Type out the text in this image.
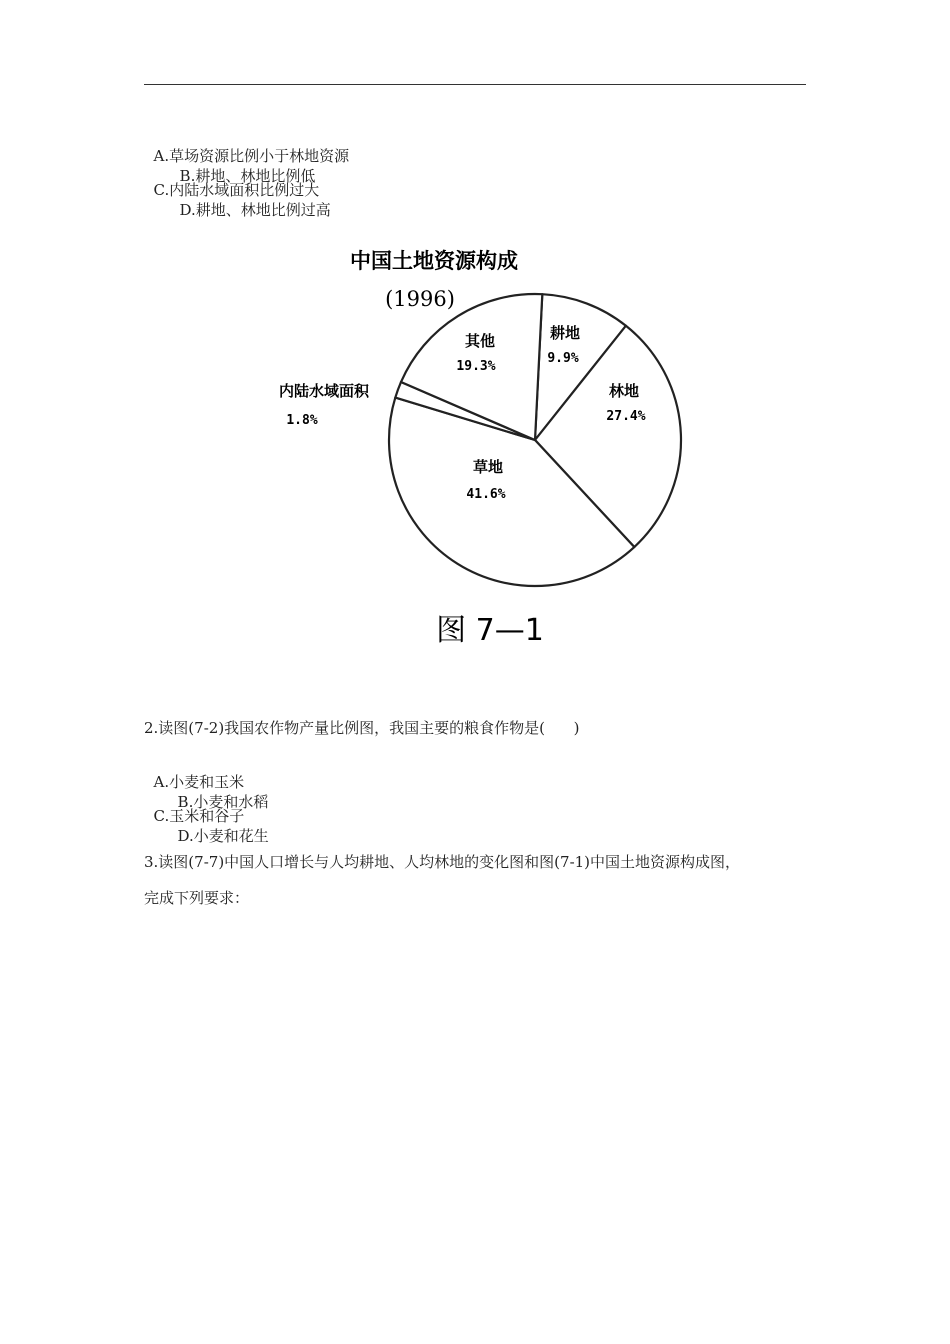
A.草场资源比例小于林地资源
B.耕地、林地比例低

C.内陆水域面积比例过大
D.耕地、林地比例过高

中国土地资源构成
(1996)
耕地
9.9%
林地
27.4%
草地
41.6%
内陆水域面积
1.8%
其他
19.3%
图 7—1
2.读图(7-2)我国农作物产量比例图，我国主要的粮食作物是(      )

A.小麦和玉米
B.小麦和水稻

C.玉米和谷子
D.小麦和花生

3.读图(7-7)中国人口增长与人均耕地、人均林地的变化图和图(7-1)中国土地资源构成图，
完成下列要求：
